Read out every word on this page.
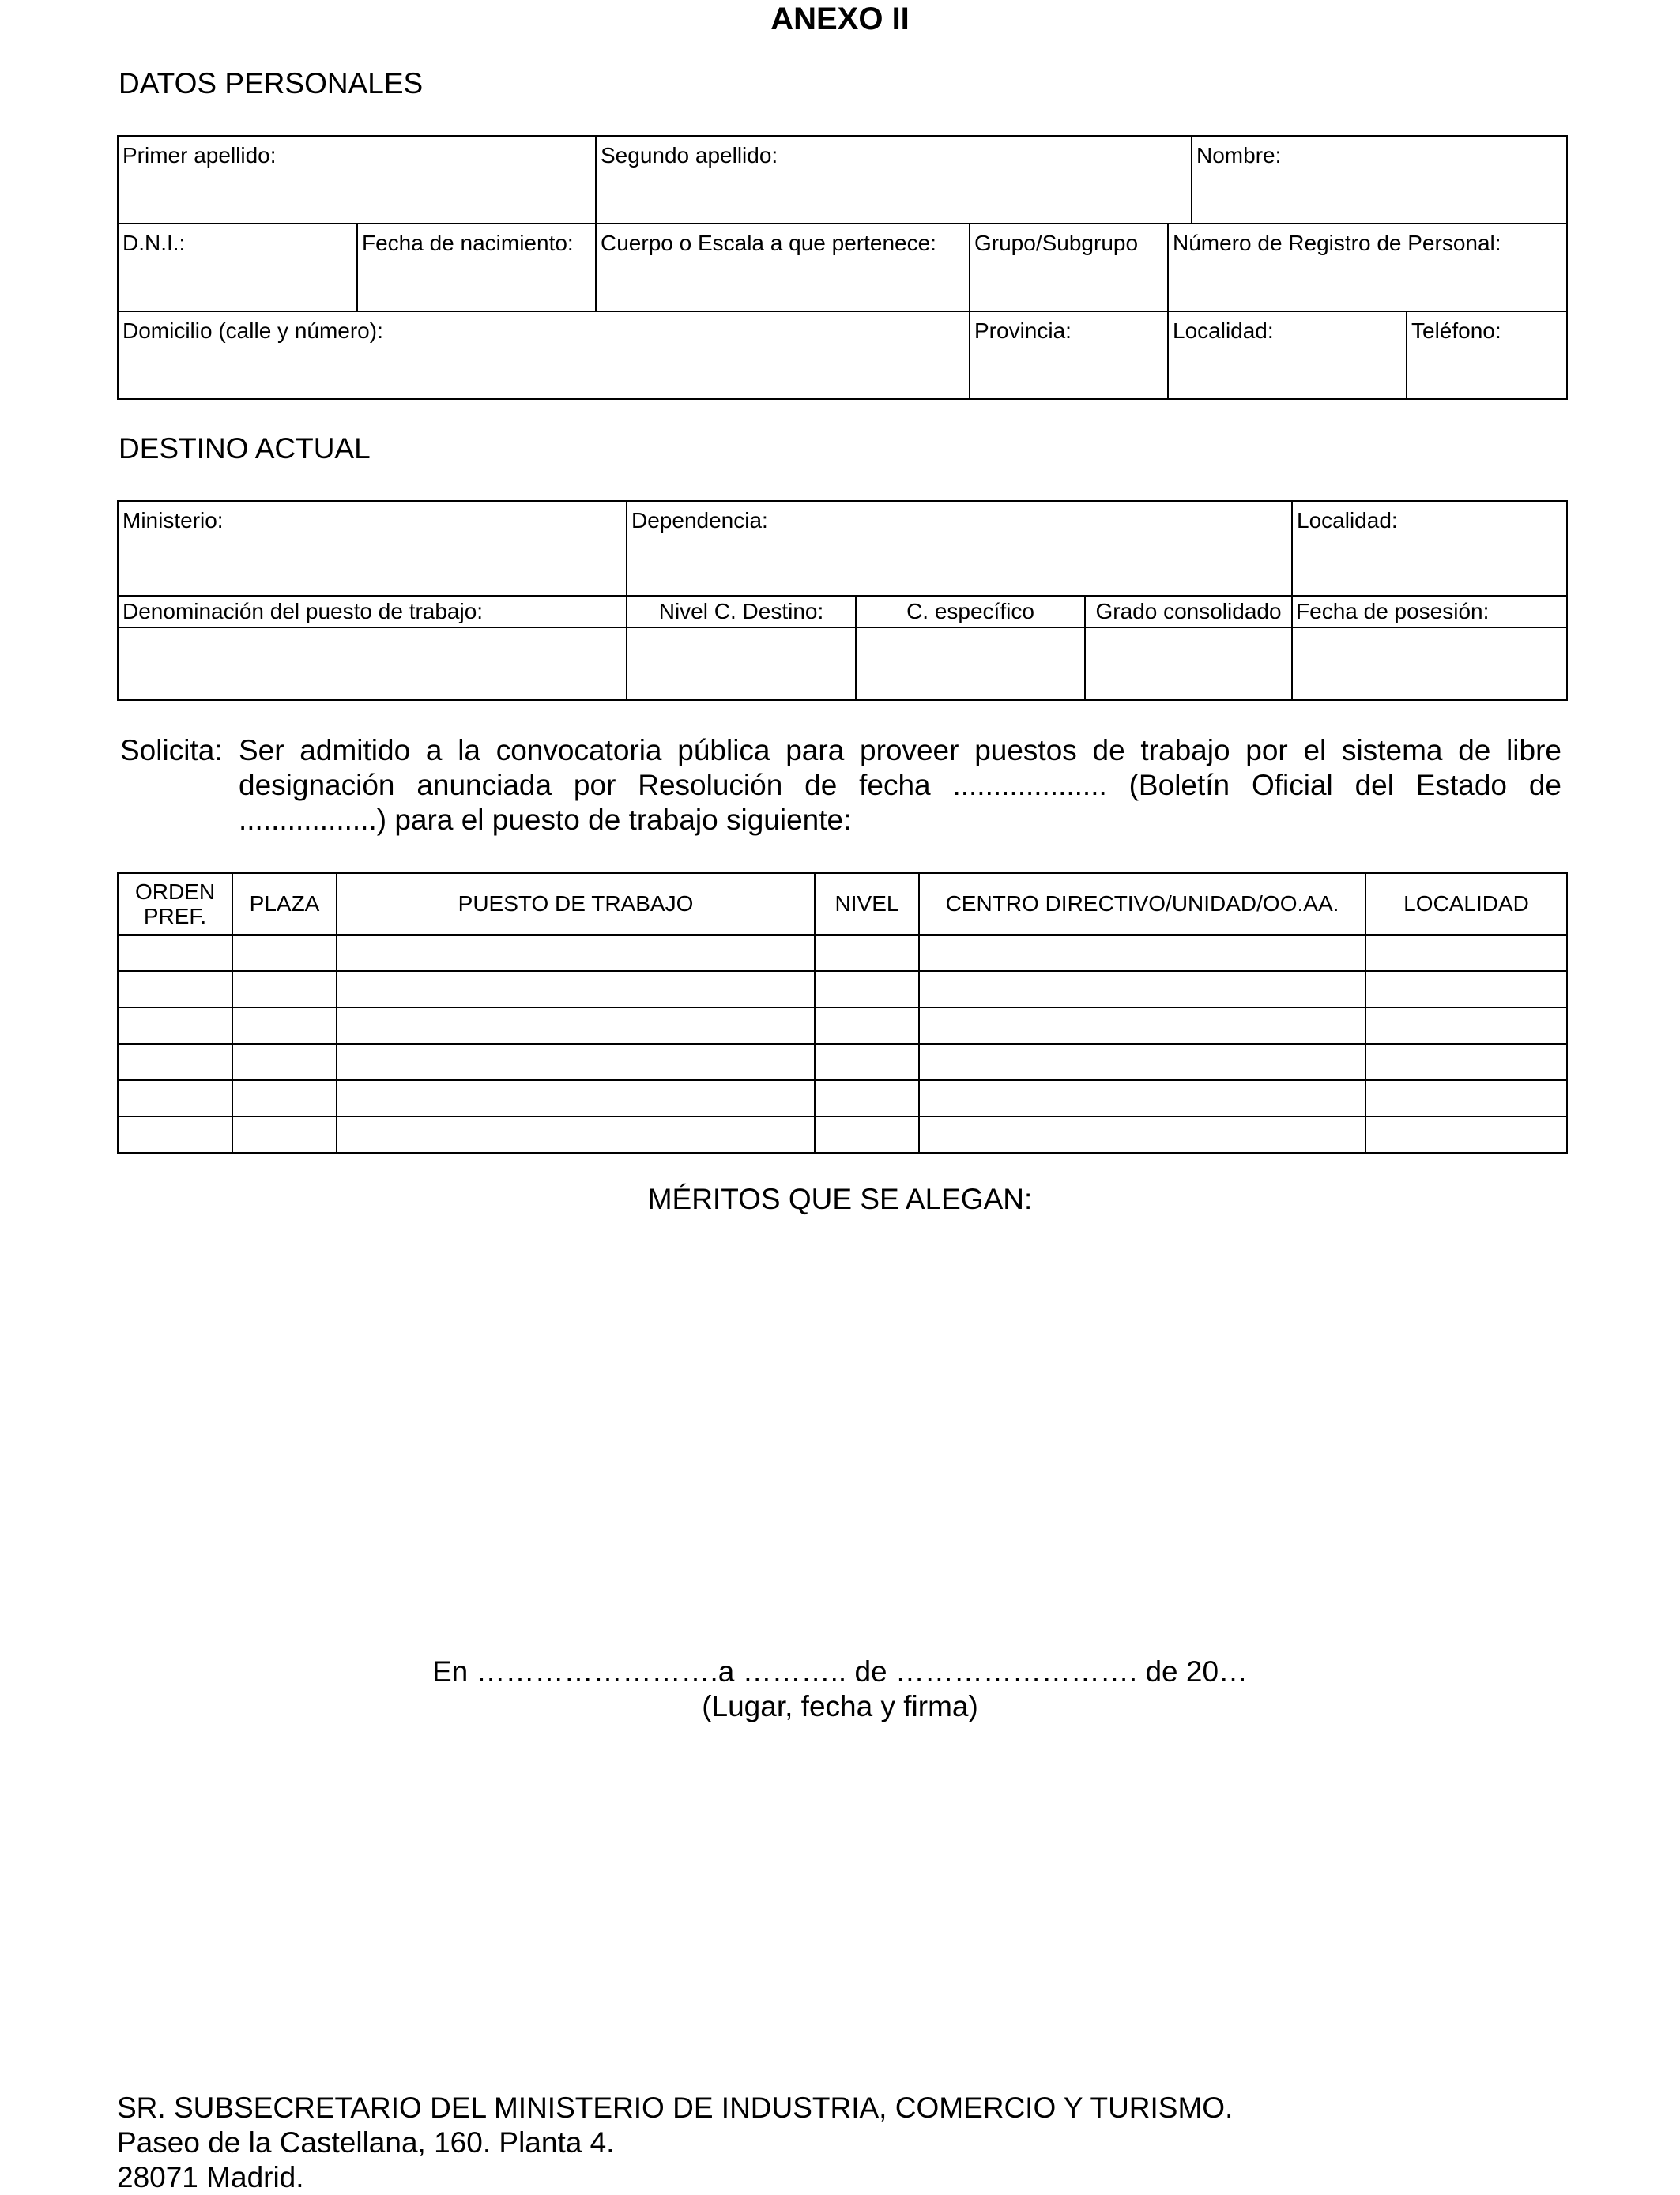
ANEXO II
DATOS PERSONALES
Primer apellido:		Segundo apellido:			Nombre:
D.N.I.:	Fecha de nacimiento:	Cuerpo o Escala a que pertenece:	Grupo/Subgrupo	Número de Registro de Personal:	
Domicilio (calle y número):			Provincia:	Localidad: Teléfono:	
DESTINO ACTUAL
Ministerio:	Dependencia:			Localidad:
Denominación del puesto de trabajo:	Nivel C. Destino:	C. específico	Grado consolidado	Fecha de posesión:

Solicita: Ser admitido a la convocatoria pública para proveer puestos de trabajo por el sistema de libre designación anunciada por Resolución de fecha ................... (Boletín Oficial del Estado de .................) para el puesto de trabajo siguiente:
ORDEN PREF.	PLAZA	PUESTO DE TRABAJO	NIVEL	CENTRO DIRECTIVO/UNIDAD/OO.AA.	LOCALIDAD

MÉRITOS QUE SE ALEGAN:
En …………………….a ……….. de ……………………. de 20…
(Lugar, fecha y firma)
SR. SUBSECRETARIO DEL MINISTERIO DE INDUSTRIA, COMERCIO Y TURISMO.
Paseo de la Castellana, 160. Planta 4.
28071 Madrid.
